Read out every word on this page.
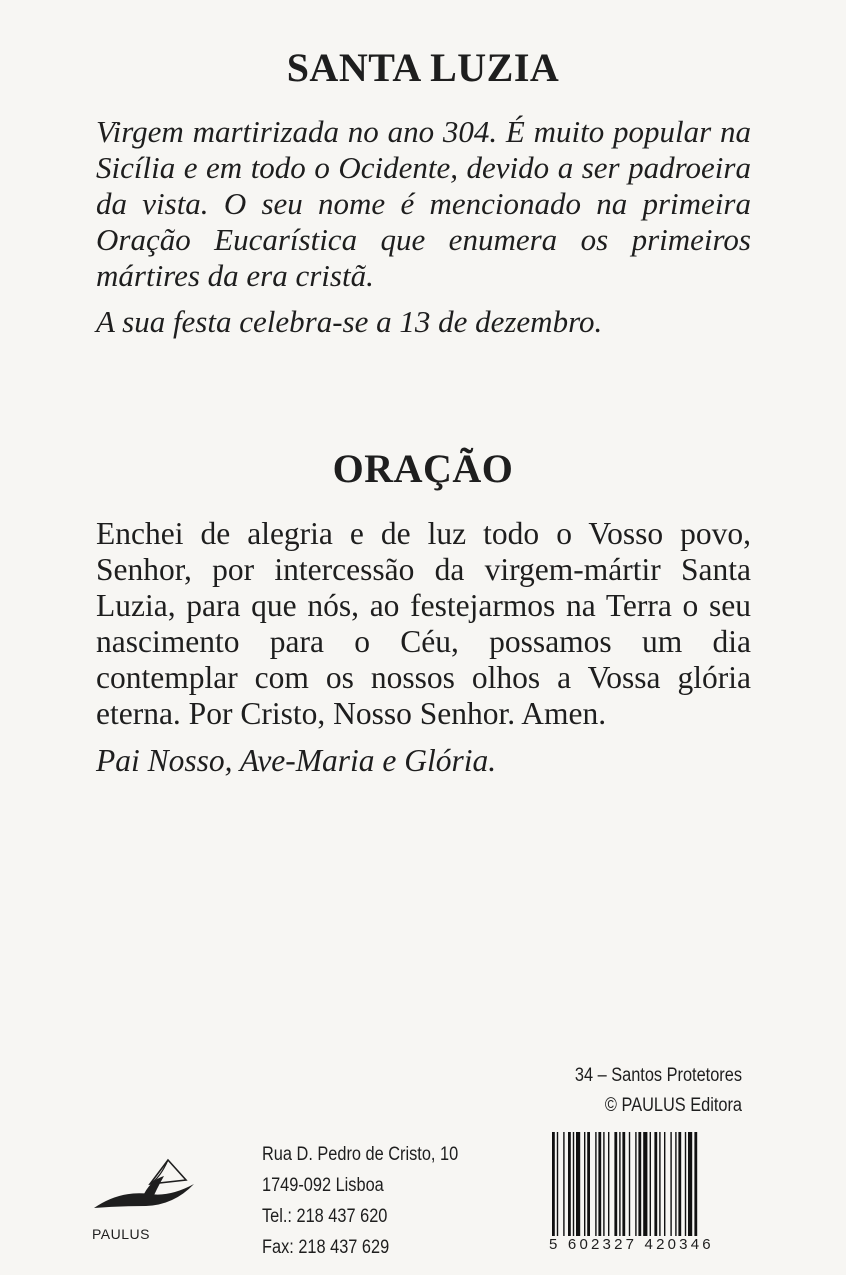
SANTA LUZIA

Virgem martirizada no ano 304. É muito popular na Sicília e em todo o Ocidente, devido a ser padroeira da vista. O seu nome é mencionado na primeira Oração Eucarística que enumera os primeiros mártires da era cristã.

A sua festa celebra-se a 13 de dezembro.

ORAÇÃO

Enchei de alegria e de luz todo o Vosso povo, Senhor, por intercessão da virgem-mártir Santa Luzia, para que nós, ao festejarmos na Terra o seu nascimento para o Céu, possamos um dia contemplar com os nossos olhos a Vossa glória eterna. Por Cristo, Nosso Senhor. Amen.

Pai Nosso, Ave-Maria e Glória.

34 – Santos Protetores
© PAULUS Editora
PAULUS
Rua D. Pedro de Cristo, 10
1749-092 Lisboa
Tel.: 218 437 620
Fax: 218 437 629	5 602327 420346
